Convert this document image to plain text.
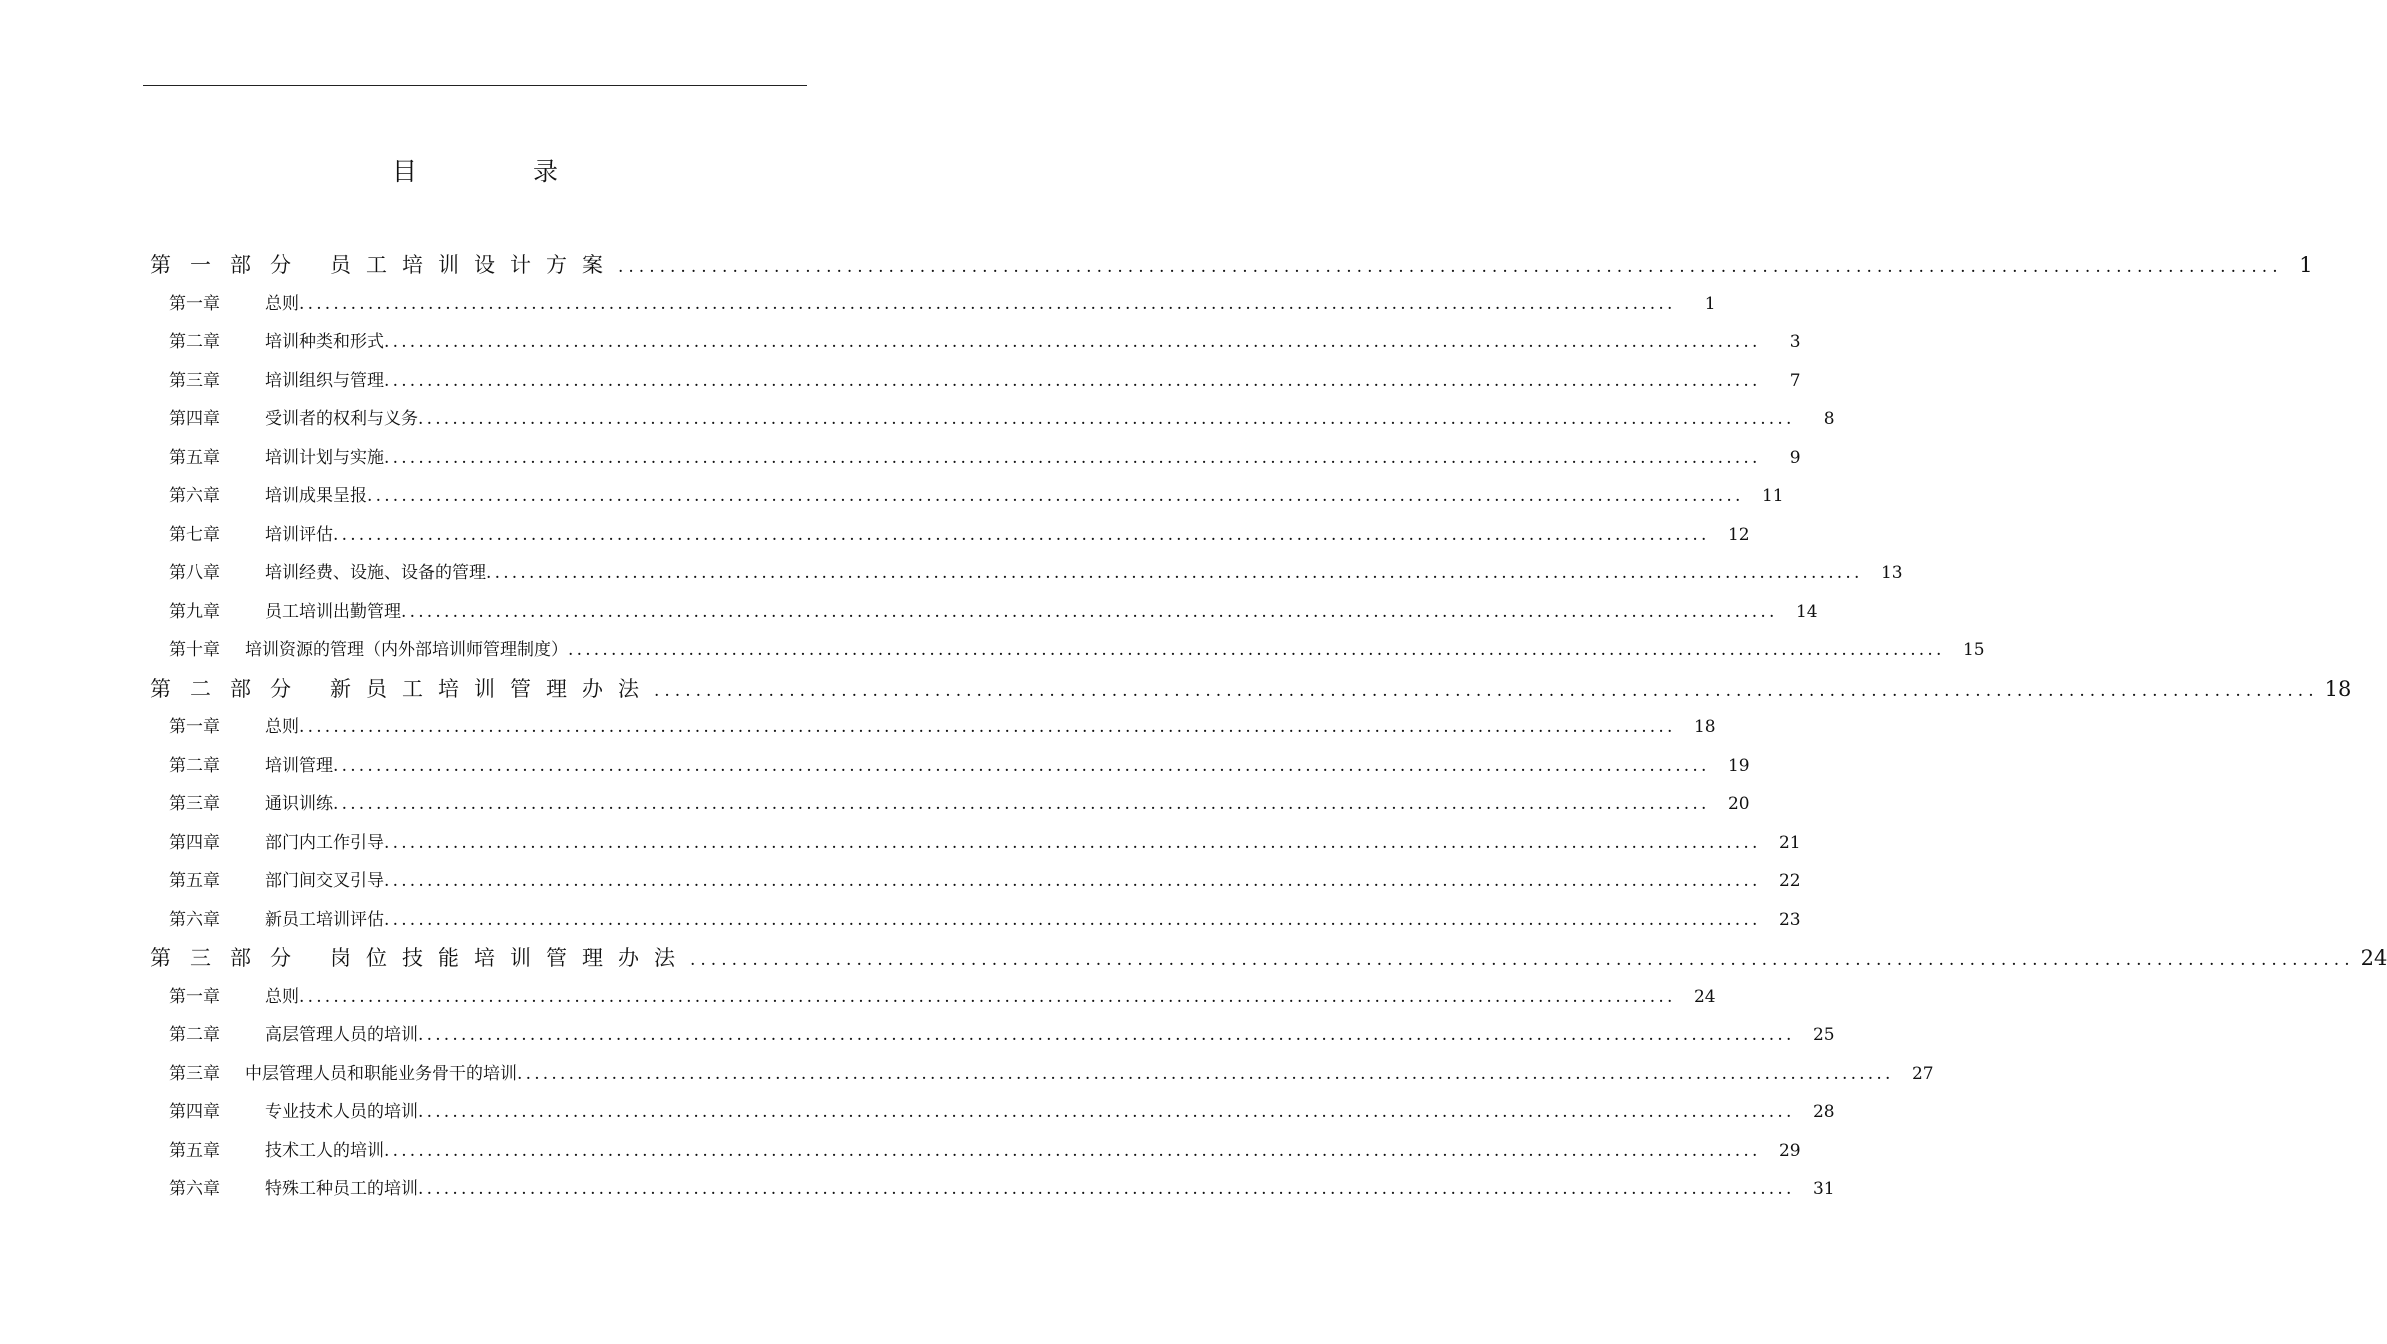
目 录
第一部分 员工培训设计方案 ................................................................................................................................................................ 1
第一章	总则 ................................................................................................................................................................	1
第二章	培训种类和形式 ................................................................................................................................................................	3
第三章	培训组织与管理 ................................................................................................................................................................	7
第四章	受训者的权利与义务 ................................................................................................................................................................	8
第五章	培训计划与实施 ................................................................................................................................................................	9
第六章	培训成果呈报 ................................................................................................................................................................	11
第七章	培训评估 ................................................................................................................................................................	12
第八章	培训经费、设施、设备的管理 ................................................................................................................................................................	13
第九章	员工培训出勤管理 ................................................................................................................................................................	14
第十章	培训资源的管理（内外部培训师管理制度） ................................................................................................................................................................	15
第二部分 新员工培训管理办法 ................................................................................................................................................................ 18
第一章	总则 ................................................................................................................................................................	18
第二章	培训管理 ................................................................................................................................................................	19
第三章	通识训练 ................................................................................................................................................................	20
第四章	部门内工作引导 ................................................................................................................................................................	21
第五章	部门间交叉引导 ................................................................................................................................................................	22
第六章	新员工培训评估 ................................................................................................................................................................	23
第三部分 岗位技能培训管理办法 ................................................................................................................................................................ 24
第一章	总则 ................................................................................................................................................................	24
第二章	高层管理人员的培训 ................................................................................................................................................................	25
第三章	中层管理人员和职能业务骨干的培训 ................................................................................................................................................................	27
第四章	专业技术人员的培训 ................................................................................................................................................................	28
第五章	技术工人的培训 ................................................................................................................................................................	29
第六章	特殊工种员工的培训 ................................................................................................................................................................	31
